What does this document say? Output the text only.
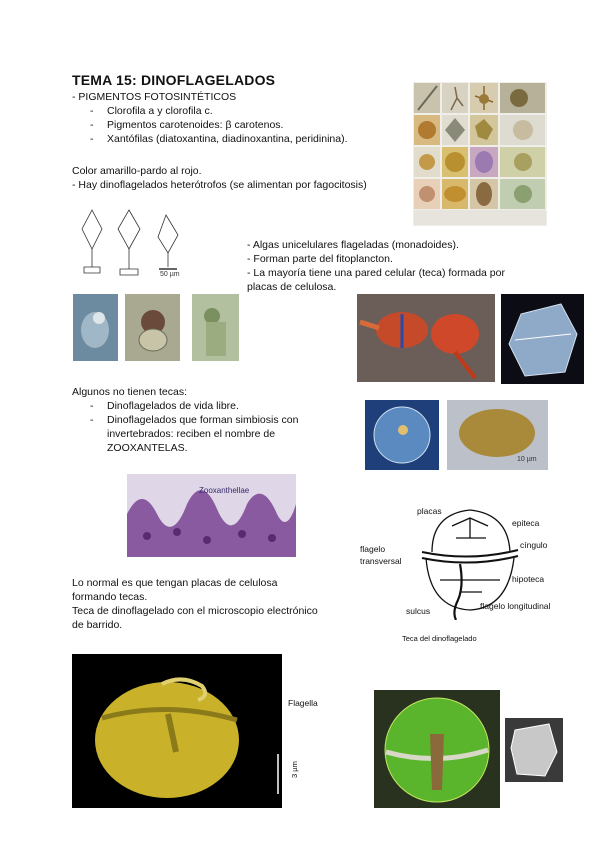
TEMA 15: DINOFLAGELADOS
- PIGMENTOS FOTOSINTÉTICOS
- Clorofila a y clorofila c.
- Pigmentos carotenoides: β carotenos.
- Xantófilas (diatoxantina, diadinoxantina, peridinina).
Color amarillo-pardo al rojo.
- Hay dinoflagelados heterótrofos (se alimentan por fagocitosis)
50 µm
- Algas unicelulares flageladas (monadoides).
- Forman parte del fitoplancton.
- La mayoría tiene una pared celular (teca) formada por
placas de celulosa.
Algunos no tienen tecas:
- Dinoflagelados de vida libre.
- Dinoflagelados que forman simbiosis con
invertebrados: reciben el nombre de
ZOOXANTELAS.
10 µm
Zooxanthellae
placas
epiteca
cíngulo
flagelo
transversal
hipoteca
sulcus	flagelo longitudinal
Teca del dinoflagelado
Lo normal es que tengan placas de celulosa
formando tecas.
Teca de dinoflagelado con el microscopio electrónico
de barrido.
Flagella
3 µm
